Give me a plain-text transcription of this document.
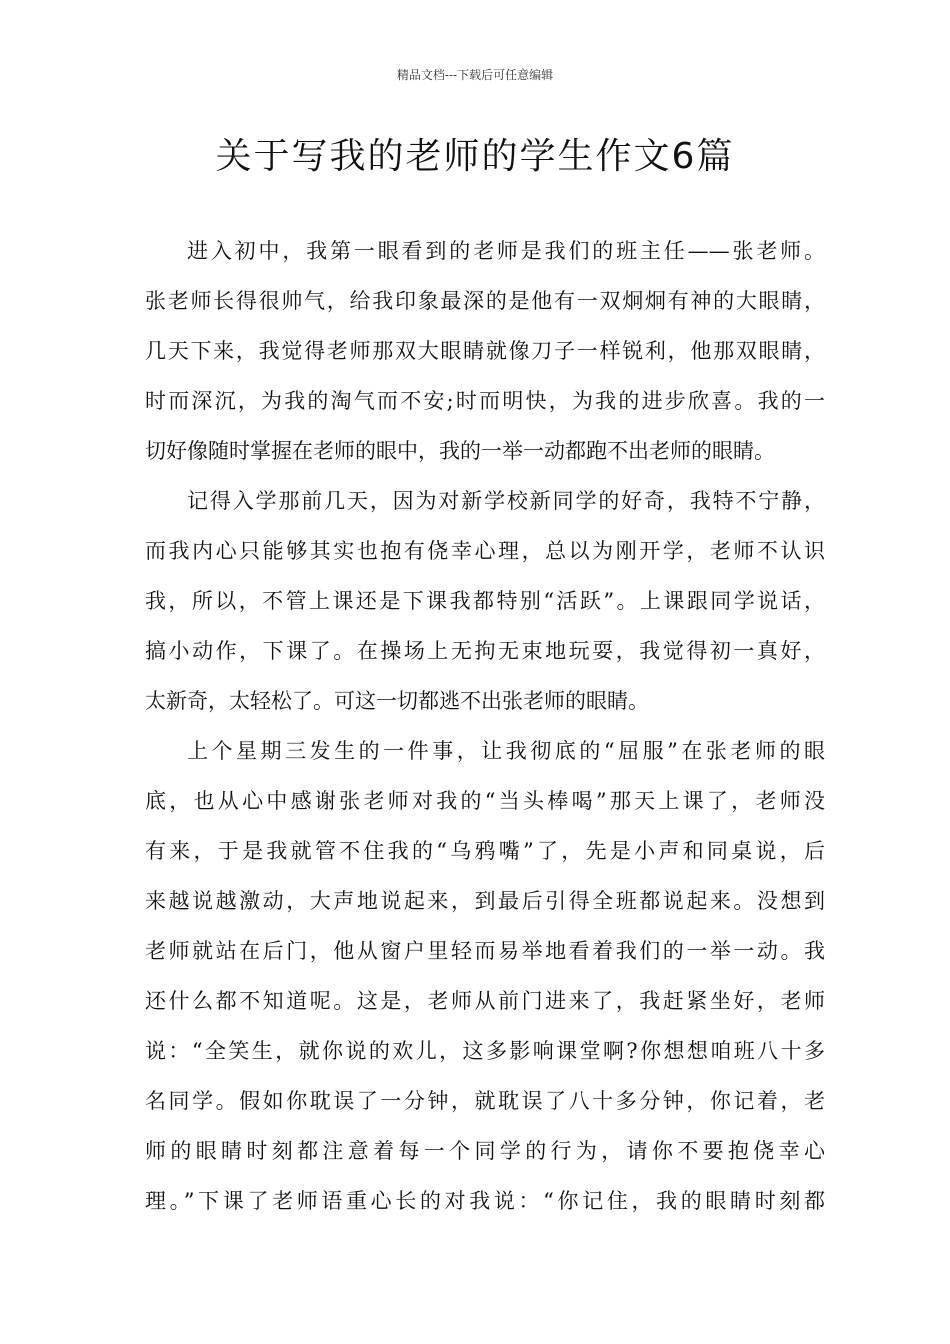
精品文档---下载后可任意编辑
关于写我的老师的学生作文6篇
进入初中，我第一眼看到的老师是我们的班主任——张老师。
张老师长得很帅气，给我印象最深的是他有一双炯炯有神的大眼睛，
几天下来，我觉得老师那双大眼睛就像刀子一样锐利，他那双眼睛，
时而深沉，为我的淘气而不安;时而明快，为我的进步欣喜。我的一
切好像随时掌握在老师的眼中，我的一举一动都跑不出老师的眼睛。
记得入学那前几天，因为对新学校新同学的好奇，我特不宁静，
而我内心只能够其实也抱有侥幸心理，总以为刚开学，老师不认识
我，所以，不管上课还是下课我都特别“活跃”。上课跟同学说话，
搞小动作，下课了。在操场上无拘无束地玩耍，我觉得初一真好，
太新奇，太轻松了。可这一切都逃不出张老师的眼睛。
上个星期三发生的一件事，让我彻底的“屈服”在张老师的眼
底，也从心中感谢张老师对我的“当头棒喝”那天上课了，老师没
有来，于是我就管不住我的“乌鸦嘴”了，先是小声和同桌说，后
来越说越激动，大声地说起来，到最后引得全班都说起来。没想到
老师就站在后门，他从窗户里轻而易举地看着我们的一举一动。我
还什么都不知道呢。这是，老师从前门进来了，我赶紧坐好，老师
说：“全笑生，就你说的欢儿，这多影响课堂啊?你想想咱班八十多
名同学。假如你耽误了一分钟，就耽误了八十多分钟，你记着，老
师的眼睛时刻都注意着每一个同学的行为，请你不要抱侥幸心
理。”下课了老师语重心长的对我说：“你记住，我的眼睛时刻都
